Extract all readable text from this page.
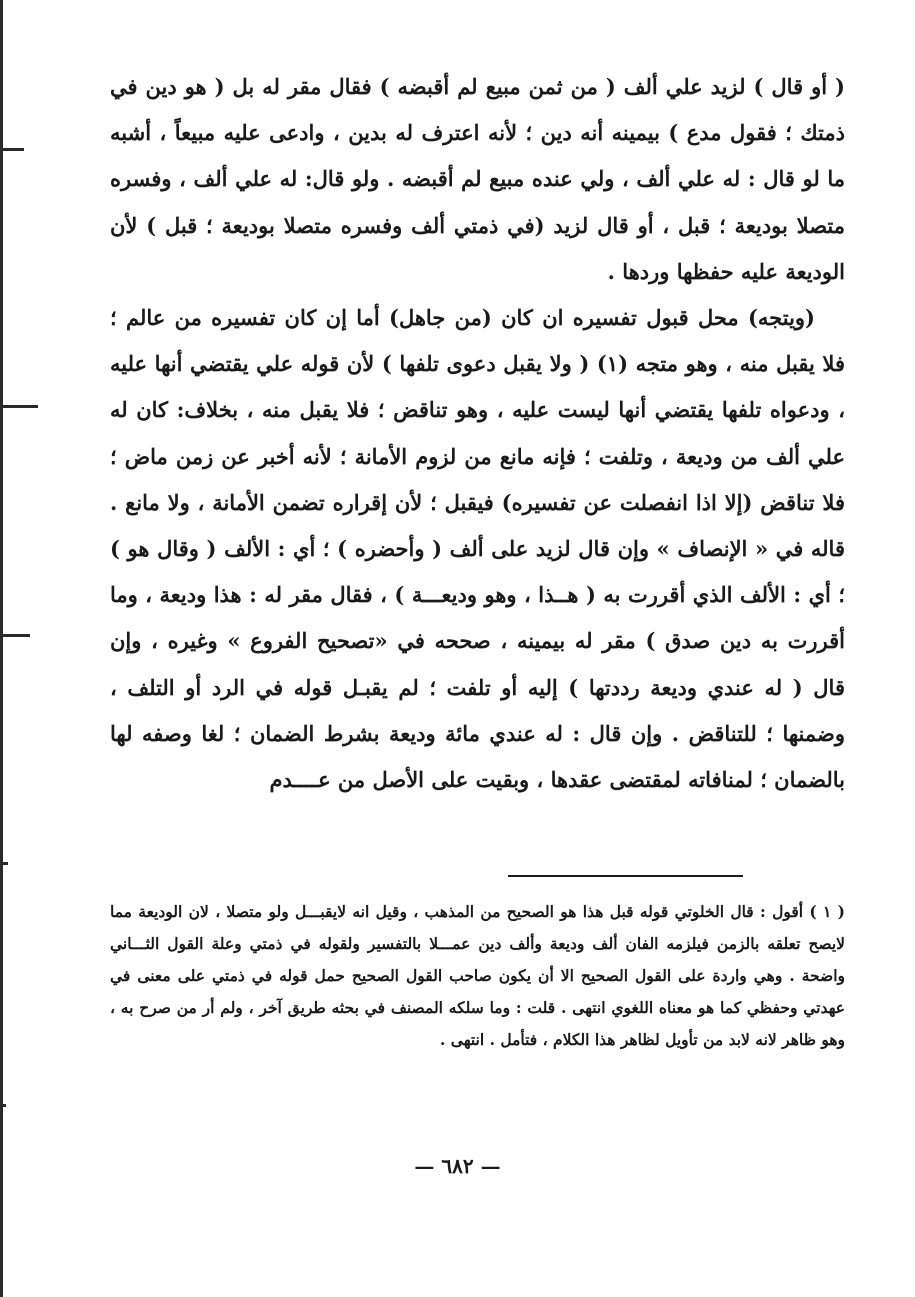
( أو قال ) لزيد علي ألف ( من ثمن مبيع لم أقبضه ) فقال مقر له بل ( هو دين في ذمتك ؛ فقول مدع ) بيمينه أنه دين ؛ لأنه اعترف له بدين ، وادعى عليه مبيعاً ، أشبه ما لو قال : له علي ألف ، ولي عنده مبيع لم أقبضه . ولو قال: له علي ألف ، وفسره متصلا بوديعة ؛ قبل ، أو قال لزيد (في ذمتي ألف وفسره متصلا بوديعة ؛ قبل ) لأن الوديعة عليه حفظها وردها .

(ويتجه) محل قبول تفسيره ان كان (من جاهل) أما إن كان تفسيره من عالم ؛ فلا يقبل منه ، وهو متجه (١) ( ولا يقبل دعوى تلفها ) لأن قوله علي يقتضي أنها عليه ، ودعواه تلفها يقتضي أنها ليست عليه ، وهو تناقض ؛ فلا يقبل منه ، بخلاف: كان له علي ألف من وديعة ، وتلفت ؛ فإنه مانع من لزوم الأمانة ؛ لأنه أخبر عن زمن ماض ؛ فلا تناقض (إلا اذا انفصلت عن تفسيره) فيقبل ؛ لأن إقراره تضمن الأمانة ، ولا مانع . قاله في « الإنصاف » وإن قال لزيد على ألف ( وأحضره ) ؛ أي : الألف ( وقال هو ) ؛ أي : الألف الذي أقررت به ( هــذا ، وهو وديعـــة ) ، فقال مقر له : هذا وديعة ، وما أقررت به دين صدق ) مقر له بيمينه ، صححه في «تصحيح الفروع » وغيره ، وإن قال ( له عندي وديعة رددتها ) إليه أو تلفت ؛ لم يقبـل قوله في الرد أو التلف ، وضمنها ؛ للتناقض . وإن قال : له عندي مائة وديعة بشرط الضمان ؛ لغا وصفه لها بالضمان ؛ لمنافاته لمقتضى عقدها ، وبقيت على الأصل من عــــدم

( ١ ) أقول : قال الخلوتي قوله قبل هذا هو الصحيح من المذهب ، وقيل انه لايقبـــل ولو متصلا ، لان الوديعة مما لايصح تعلقه بالزمن فيلزمه الفان ألف وديعة وألف دين عمـــلا بالتفسير ولقوله في ذمتي وعلة القول الثـــاني واضحة . وهي واردة على القول الصحيح الا أن يكون صاحب القول الصحيح حمل قوله في ذمتي على معنى في عهدتي وحفظي كما هو معناه اللغوي انتهى . قلت : وما سلكه المصنف في بحثه طريق آخر ، ولم أر من صرح به ، وهو ظاهر لانه لابد من تأويل لظاهر هذا الكلام ، فتأمل . انتهى .

— ٦٨٢ —
